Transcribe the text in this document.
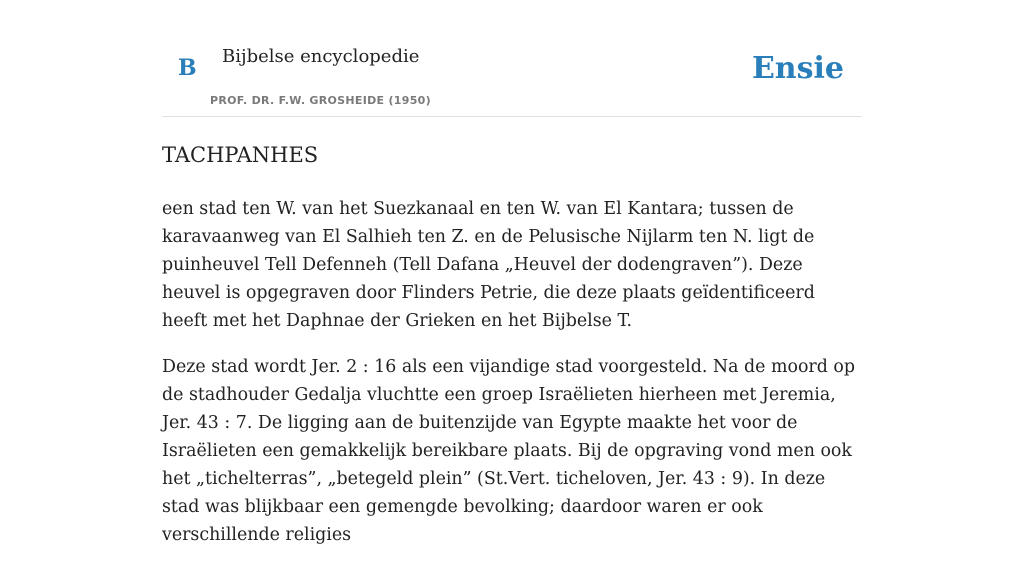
B Bijbelse encyclopedie
PROF. DR. F.W. GROSHEIDE (1950)
Ensie
TACHPANHES

een stad ten W. van het Suezkanaal en ten W. van El Kantara; tussen de karavaanweg van El Salhieh ten Z. en de Pelusische Nijlarm ten N. ligt de puinheuvel Tell Defenneh (Tell Dafana „Heuvel der dodengraven”). Deze heuvel is opgegraven door Flinders Petrie, die deze plaats geïdentificeerd heeft met het Daphnae der Grieken en het Bijbelse T.

Deze stad wordt Jer. 2 : 16 als een vijandige stad voorgesteld. Na de moord op de stadhouder Gedalja vluchtte een groep Israëlieten hierheen met Jeremia, Jer. 43 : 7. De ligging aan de buitenzijde van Egypte maakte het voor de Israëlieten een gemakkelijk bereikbare plaats. Bij de opgraving vond men ook het „tichelterras”, „betegeld plein” (St.Vert. ticheloven, Jer. 43 : 9). In deze stad was blijkbaar een gemengde bevolking; daardoor waren er ook verschillende religies
